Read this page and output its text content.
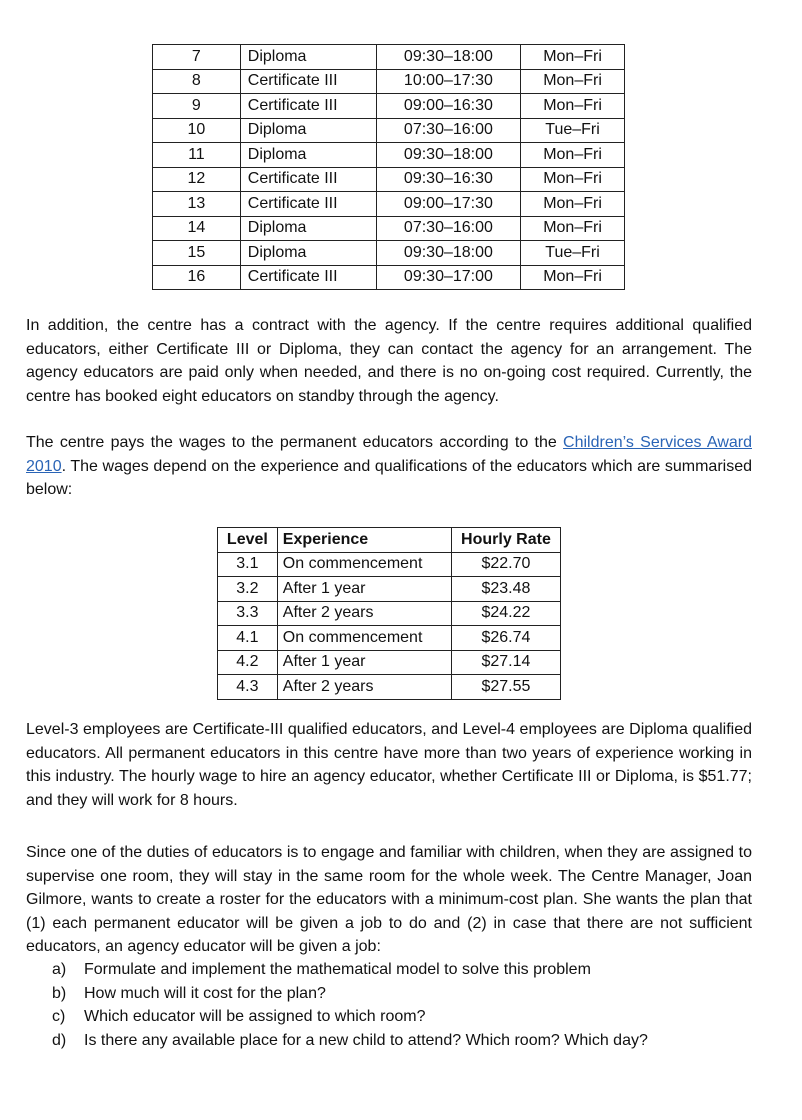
7	Diploma	09:30–18:00	Mon–Fri
8	Certificate III	10:00–17:30	Mon–Fri
9	Certificate III	09:00–16:30	Mon–Fri
10	Diploma	07:30–16:00	Tue–Fri
11	Diploma	09:30–18:00	Mon–Fri
12	Certificate III	09:30–16:30	Mon–Fri
13	Certificate III	09:00–17:30	Mon–Fri
14	Diploma	07:30–16:00	Mon–Fri
15	Diploma	09:30–18:00	Tue–Fri
16	Certificate III	09:30–17:00	Mon–Fri

In addition, the centre has a contract with the agency. If the centre requires additional qualified educators, either Certificate III or Diploma, they can contact the agency for an arrangement. The agency educators are paid only when needed, and there is no on-going cost required. Currently, the centre has booked eight educators on standby through the agency.

The centre pays the wages to the permanent educators according to the Children’s Services Award 2010. The wages depend on the experience and qualifications of the educators which are summarised below:

Level	Experience	Hourly Rate
3.1	On commencement	$22.70
3.2	After 1 year	$23.48
3.3	After 2 years	$24.22
4.1	On commencement	$26.74
4.2	After 1 year	$27.14
4.3	After 2 years	$27.55

Level-3 employees are Certificate-III qualified educators, and Level-4 employees are Diploma qualified educators. All permanent educators in this centre have more than two years of experience working in this industry. The hourly wage to hire an agency educator, whether Certificate III or Diploma, is $51.77; and they will work for 8 hours.

Since one of the duties of educators is to engage and familiar with children, when they are assigned to supervise one room, they will stay in the same room for the whole week. The Centre Manager, Joan Gilmore, wants to create a roster for the educators with a minimum-cost plan. She wants the plan that (1) each permanent educator will be given a job to do and (2) in case that there are not sufficient educators, an agency educator will be given a job:

a)	Formulate and implement the mathematical model to solve this problem
b)	How much will it cost for the plan?
c)	Which educator will be assigned to which room?
d)	Is there any available place for a new child to attend? Which room? Which day?
